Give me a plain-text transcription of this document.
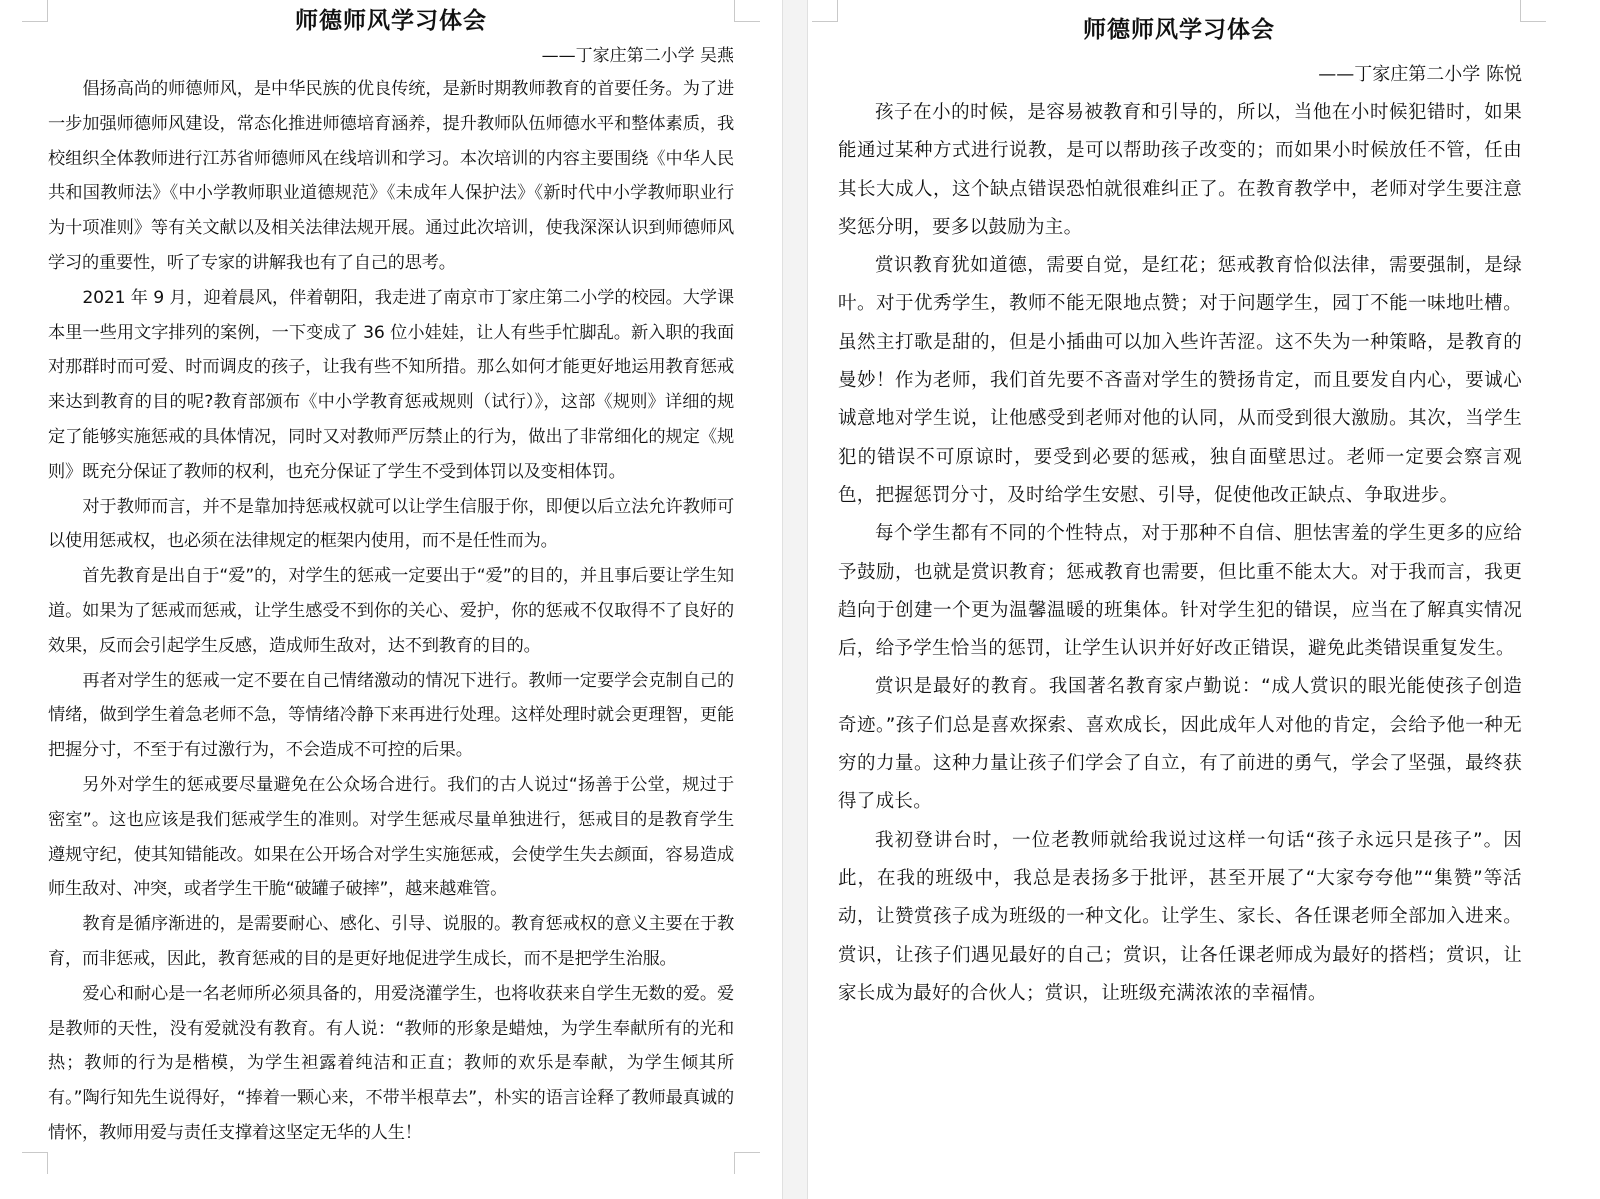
师德师风学习体会
——丁家庄第二小学 吴燕

倡扬高尚的师德师风，是中华民族的优良传统，是新时期教师教育的首要任务。为了进一步加强师德师风建设，常态化推进师德培育涵养，提升教师队伍师德水平和整体素质，我校组织全体教师进行江苏省师德师风在线培训和学习。本次培训的内容主要围绕《中华人民共和国教师法》《中小学教师职业道德规范》《未成年人保护法》《新时代中小学教师职业行为十项准则》等有关文献以及相关法律法规开展。通过此次培训，使我深深认识到师德师风学习的重要性，听了专家的讲解我也有了自己的思考。

2021 年 9 月，迎着晨风，伴着朝阳，我走进了南京市丁家庄第二小学的校园。大学课本里一些用文字排列的案例，一下变成了 36 位小娃娃，让人有些手忙脚乱。新入职的我面对那群时而可爱、时而调皮的孩子，让我有些不知所措。那么如何才能更好地运用教育惩戒来达到教育的目的呢?教育部颁布《中小学教育惩戒规则（试行）》，这部《规则》详细的规定了能够实施惩戒的具体情况，同时又对教师严厉禁止的行为，做出了非常细化的规定《规则》既充分保证了教师的权利，也充分保证了学生不受到体罚以及变相体罚。

对于教师而言，并不是靠加持惩戒权就可以让学生信服于你，即便以后立法允许教师可以使用惩戒权，也必须在法律规定的框架内使用，而不是任性而为。

首先教育是出自于“爱”的，对学生的惩戒一定要出于“爱”的目的，并且事后要让学生知道。如果为了惩戒而惩戒，让学生感受不到你的关心、爱护，你的惩戒不仅取得不了良好的效果，反而会引起学生反感，造成师生敌对，达不到教育的目的。

再者对学生的惩戒一定不要在自己情绪激动的情况下进行。教师一定要学会克制自己的情绪，做到学生着急老师不急，等情绪冷静下来再进行处理。这样处理时就会更理智，更能把握分寸，不至于有过激行为，不会造成不可控的后果。

另外对学生的惩戒要尽量避免在公众场合进行。我们的古人说过“扬善于公堂，规过于密室”。这也应该是我们惩戒学生的准则。对学生惩戒尽量单独进行，惩戒目的是教育学生遵规守纪，使其知错能改。如果在公开场合对学生实施惩戒，会使学生失去颜面，容易造成师生敌对、冲突，或者学生干脆“破罐子破摔”，越来越难管。

教育是循序渐进的，是需要耐心、感化、引导、说服的。教育惩戒权的意义主要在于教育，而非惩戒，因此，教育惩戒的目的是更好地促进学生成长，而不是把学生治服。

爱心和耐心是一名老师所必须具备的，用爱浇灌学生，也将收获来自学生无数的爱。爱是教师的天性，没有爱就没有教育。有人说：“教师的形象是蜡烛，为学生奉献所有的光和热；教师的行为是楷模，为学生袒露着纯洁和正直；教师的欢乐是奉献，为学生倾其所有。”陶行知先生说得好，“捧着一颗心来，不带半根草去”，朴实的语言诠释了教师最真诚的情怀，教师用爱与责任支撑着这坚定无华的人生！

师德师风学习体会
——丁家庄第二小学 陈悦

孩子在小的时候，是容易被教育和引导的，所以，当他在小时候犯错时，如果能通过某种方式进行说教，是可以帮助孩子改变的；而如果小时候放任不管，任由其长大成人，这个缺点错误恐怕就很难纠正了。在教育教学中，老师对学生要注意奖惩分明，要多以鼓励为主。

赏识教育犹如道德，需要自觉，是红花；惩戒教育恰似法律，需要强制，是绿叶。对于优秀学生，教师不能无限地点赞；对于问题学生，园丁不能一味地吐槽。虽然主打歌是甜的，但是小插曲可以加入些许苦涩。这不失为一种策略，是教育的曼妙！作为老师，我们首先要不吝啬对学生的赞扬肯定，而且要发自内心，要诚心诚意地对学生说，让他感受到老师对他的认同，从而受到很大激励。其次，当学生犯的错误不可原谅时，要受到必要的惩戒，独自面壁思过。老师一定要会察言观色，把握惩罚分寸，及时给学生安慰、引导，促使他改正缺点、争取进步。

每个学生都有不同的个性特点，对于那种不自信、胆怯害羞的学生更多的应给予鼓励，也就是赏识教育；惩戒教育也需要，但比重不能太大。对于我而言，我更趋向于创建一个更为温馨温暖的班集体。针对学生犯的错误，应当在了解真实情况后，给予学生恰当的惩罚，让学生认识并好好改正错误，避免此类错误重复发生。

赏识是最好的教育。我国著名教育家卢勤说：“成人赏识的眼光能使孩子创造奇迹。”孩子们总是喜欢探索、喜欢成长，因此成年人对他的肯定，会给予他一种无穷的力量。这种力量让孩子们学会了自立，有了前进的勇气，学会了坚强，最终获得了成长。

我初登讲台时，一位老教师就给我说过这样一句话“孩子永远只是孩子”。因此，在我的班级中，我总是表扬多于批评，甚至开展了“大家夸夸他”“集赞”等活动，让赞赏孩子成为班级的一种文化。让学生、家长、各任课老师全部加入进来。赏识，让孩子们遇见最好的自己；赏识，让各任课老师成为最好的搭档；赏识，让家长成为最好的合伙人；赏识，让班级充满浓浓的幸福情。
